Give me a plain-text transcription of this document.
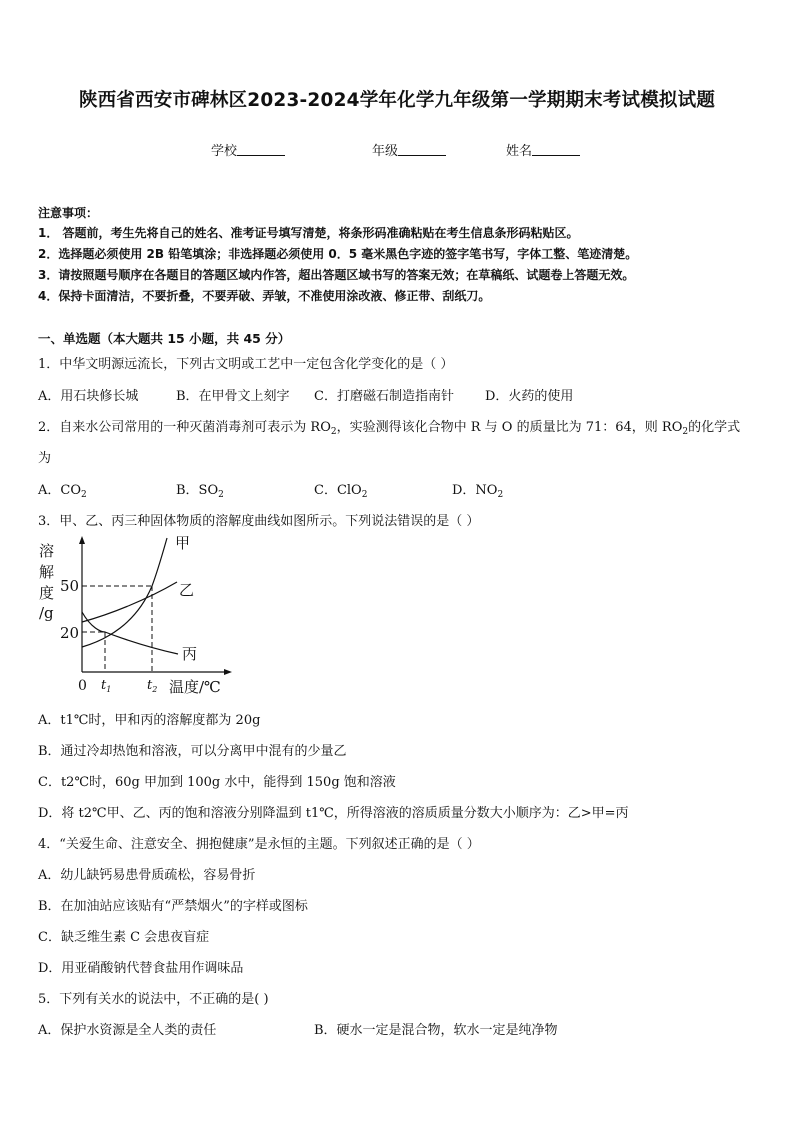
陕西省西安市碑林区2023-2024学年化学九年级第一学期期末考试模拟试题
学校	年级	姓名
注意事项：
1． 答题前，考生先将自己的姓名、准考证号填写清楚，将条形码准确粘贴在考生信息条形码粘贴区。
2．选择题必须使用 2B 铅笔填涂；非选择题必须使用 0．5 毫米黑色字迹的签字笔书写，字体工整、笔迹清楚。
3．请按照题号顺序在各题目的答题区域内作答，超出答题区域书写的答案无效；在草稿纸、试题卷上答题无效。
4．保持卡面清洁，不要折叠，不要弄破、弄皱，不准使用涂改液、修正带、刮纸刀。
一、单选题（本大题共 15 小题，共 45 分）
1．中华文明源远流长，下列古文明或工艺中一定包含化学变化的是（ ）
A．用石块修长城	B．在甲骨文上刻字 C．打磨磁石制造指南针 D．火药的使用
2．自来水公司常用的一种灭菌消毒剂可表示为 $RO_2$，实验测得该化合物中 R 与 O 的质量比为 71：64，则 $RO_2$的化学式
为
A．$CO_2$	B．$SO_2$	C．ClO$_2$	D．$NO_2$
3．甲、乙、丙三种固体物质的溶解度曲线如图所示。下列说法错误的是（ ）
溶
解
度
/g
50
20
甲
乙
丙
0 $t_1$	$t_2$ 温度/℃
A．t1℃时，甲和丙的溶解度都为 20g
B．通过冷却热饱和溶液，可以分离甲中混有的少量乙
C．t2℃时，60g 甲加到 100g 水中，能得到 150g 饱和溶液
D．将 t2℃甲、乙、丙的饱和溶液分别降温到 t1℃，所得溶液的溶质质量分数大小顺序为：乙>甲=丙
4．“关爱生命、注意安全、拥抱健康”是永恒的主题。下列叙述正确的是（ ）
A．幼儿缺钙易患骨质疏松，容易骨折
B．在加油站应该贴有“严禁烟火”的字样或图标
C．缺乏维生素 C 会患夜盲症
D．用亚硝酸钠代替食盐用作调味品
5．下列有关水的说法中，不正确的是( )
A．保护水资源是全人类的责任	B．硬水一定是混合物，软水一定是纯净物
